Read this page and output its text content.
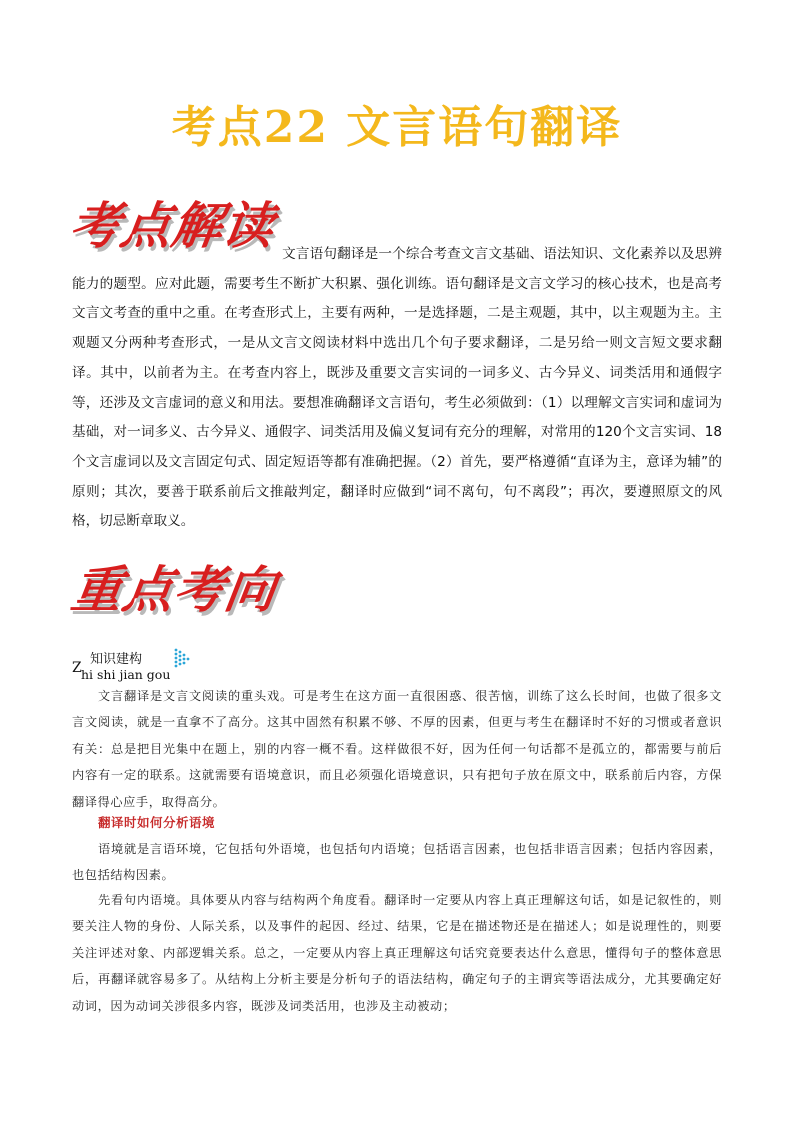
考点22 文言语句翻译
考点解读 文言语句翻译是一个综合考查文言文基础、语法知识、文化素养以及思辨能力的题型。应对此题，需要考生不断扩大积累、强化训练。语句翻译是文言文学习的核心技术，也是高考文言文考查的重中之重。在考查形式上，主要有两种，一是选择题，二是主观题，其中，以主观题为主。主观题又分两种考查形式，一是从文言文阅读材料中选出几个句子要求翻译，二是另给一则文言短文要求翻译。其中，以前者为主。在考查内容上，既涉及重要文言实词的一词多义、古今异义、词类活用和通假字等，还涉及文言虚词的意义和用法。要想准确翻译文言语句，考生必须做到：（1）以理解文言实词和虚词为基础，对一词多义、古今异义、通假字、词类活用及偏义复词有充分的理解，对常用的120个文言实词、18个文言虚词以及文言固定句式、固定短语等都有准确把握。（2）首先，要严格遵循“直译为主，意译为辅”的原则；其次，要善于联系前后文推敲判定，翻译时应做到“词不离句，句不离段”；再次，要遵照原文的风格，切忌断章取义。
重点考向
Z
知识建构
hi shi jian gou
文言翻译是文言文阅读的重头戏。可是考生在这方面一直很困惑、很苦恼，训练了这么长时间，也做了很多文言文阅读，就是一直拿不了高分。这其中固然有积累不够、不厚的因素，但更与考生在翻译时不好的习惯或者意识有关：总是把目光集中在题上，别的内容一概不看。这样做很不好，因为任何一句话都不是孤立的，都需要与前后内容有一定的联系。这就需要有语境意识，而且必须强化语境意识，只有把句子放在原文中，联系前后内容，方保翻译得心应手，取得高分。
翻译时如何分析语境
语境就是言语环境，它包括句外语境，也包括句内语境；包括语言因素，也包括非语言因素；包括内容因素，也包括结构因素。
先看句内语境。具体要从内容与结构两个角度看。翻译时一定要从内容上真正理解这句话，如是记叙性的，则要关注人物的身份、人际关系，以及事件的起因、经过、结果，它是在描述物还是在描述人；如是说理性的，则要关注评述对象、内部逻辑关系。总之，一定要从内容上真正理解这句话究竟要表达什么意思，懂得句子的整体意思后，再翻译就容易多了。从结构上分析主要是分析句子的语法结构，确定句子的主谓宾等语法成分，尤其要确定好动词，因为动词关涉很多内容，既涉及词类活用，也涉及主动被动；
